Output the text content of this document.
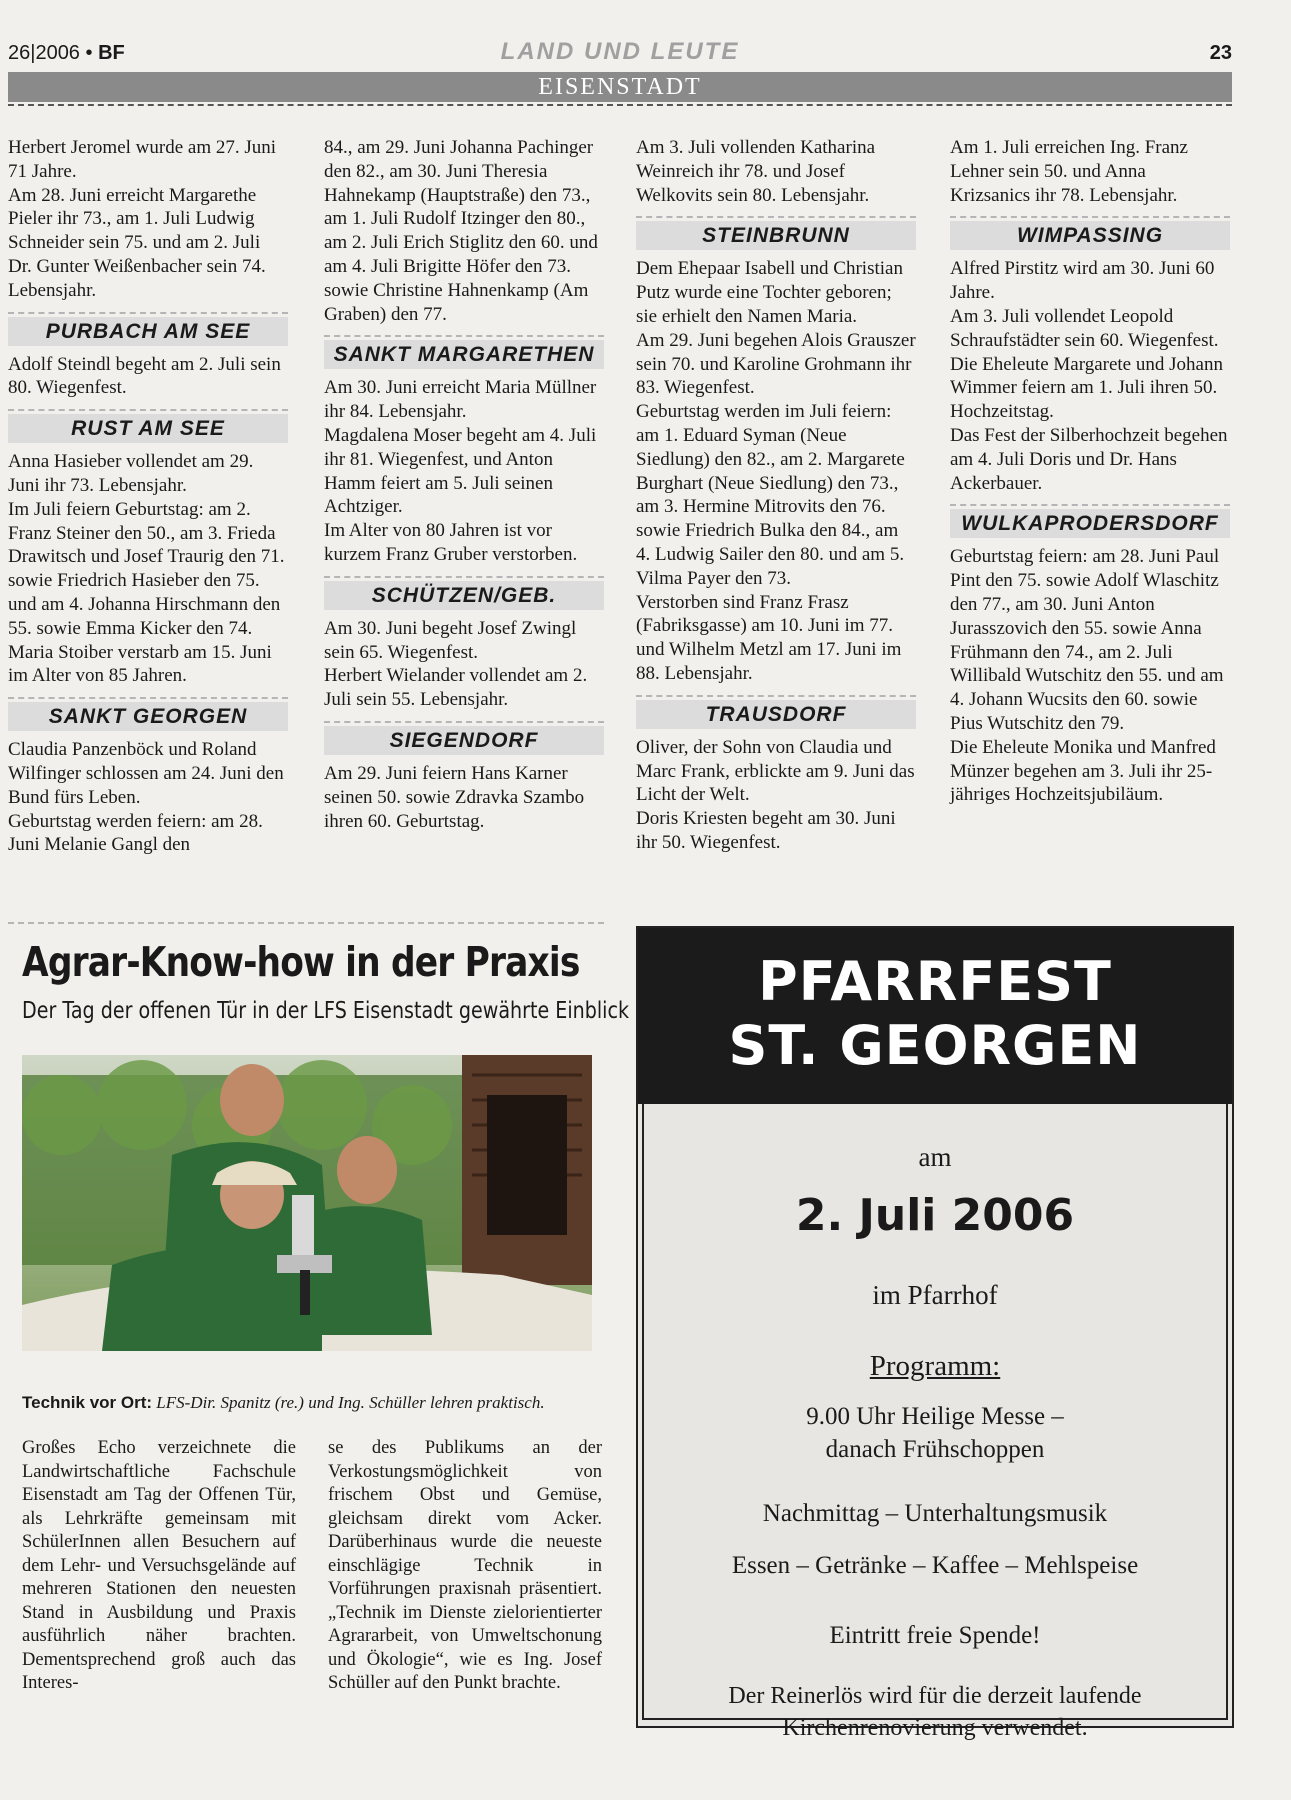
26|2006 • BF	LAND UND LEUTE	23
EISENSTADT

Herbert Jeromel wurde am 27. Juni 71 Jahre.

Am 28. Juni erreicht Margarethe Pieler ihr 73., am 1. Juli Ludwig Schneider sein 75. und am 2. Juli Dr. Gunter Weißenbacher sein 74. Lebensjahr.

PURBACH AM SEE

Adolf Steindl begeht am 2. Juli sein 80. Wiegenfest.

RUST AM SEE

Anna Hasieber vollendet am 29. Juni ihr 73. Lebensjahr.

Im Juli feiern Geburtstag: am 2. Franz Steiner den 50., am 3. Frieda Drawitsch und Josef Traurig den 71. sowie Friedrich Hasieber den 75. und am 4. Johanna Hirschmann den 55. sowie Emma Kicker den 74.

Maria Stoiber verstarb am 15. Juni im Alter von 85 Jahren.

SANKT GEORGEN

Claudia Panzenböck und Roland Wilfinger schlossen am 24. Juni den Bund fürs Leben.

Geburtstag werden feiern: am 28. Juni Melanie Gangl den

84., am 29. Juni Johanna Pachinger den 82., am 30. Juni Theresia Hahnekamp (Hauptstraße) den 73., am 1. Juli Rudolf Itzinger den 80., am 2. Juli Erich Stiglitz den 60. und am 4. Juli Brigitte Höfer den 73. sowie Christine Hahnenkamp (Am Graben) den 77.

SANKT MARGARETHEN

Am 30. Juni erreicht Maria Müllner ihr 84. Lebensjahr.

Magdalena Moser begeht am 4. Juli ihr 81. Wiegenfest, und Anton Hamm feiert am 5. Juli seinen Achtziger.

Im Alter von 80 Jahren ist vor kurzem Franz Gruber verstorben.

SCHÜTZEN/GEB.

Am 30. Juni begeht Josef Zwingl sein 65. Wiegenfest.

Herbert Wielander vollendet am 2. Juli sein 55. Lebensjahr.

SIEGENDORF

Am 29. Juni feiern Hans Karner seinen 50. sowie Zdravka Szambo ihren 60. Geburtstag.

Am 3. Juli vollenden Katharina Weinreich ihr 78. und Josef Welkovits sein 80. Lebensjahr.

STEINBRUNN

Dem Ehepaar Isabell und Christian Putz wurde eine Tochter geboren; sie erhielt den Namen Maria.

Am 29. Juni begehen Alois Grauszer sein 70. und Karoline Grohmann ihr 83. Wiegenfest.

Geburtstag werden im Juli feiern: am 1. Eduard Syman (Neue Siedlung) den 82., am 2. Margarete Burghart (Neue Siedlung) den 73., am 3. Hermine Mitrovits den 76. sowie Friedrich Bulka den 84., am 4. Ludwig Sailer den 80. und am 5. Vilma Payer den 73.

Verstorben sind Franz Frasz (Fabriksgasse) am 10. Juni im 77. und Wilhelm Metzl am 17. Juni im 88. Lebensjahr.

TRAUSDORF

Oliver, der Sohn von Claudia und Marc Frank, erblickte am 9. Juni das Licht der Welt.

Doris Kriesten begeht am 30. Juni ihr 50. Wiegenfest.

Am 1. Juli erreichen Ing. Franz Lehner sein 50. und Anna Krizsanics ihr 78. Lebensjahr.

WIMPASSING

Alfred Pirstitz wird am 30. Juni 60 Jahre.

Am 3. Juli vollendet Leopold Schraufstädter sein 60. Wiegenfest.

Die Eheleute Margarete und Johann Wimmer feiern am 1. Juli ihren 50. Hochzeitstag.

Das Fest der Silberhochzeit begehen am 4. Juli Doris und Dr. Hans Ackerbauer.

WULKAPRODERSDORF

Geburtstag feiern: am 28. Juni Paul Pint den 75. sowie Adolf Wlaschitz den 77., am 30. Juni Anton Jurasszovich den 55. sowie Anna Frühmann den 74., am 2. Juli Willibald Wutschitz den 55. und am 4. Johann Wucsits den 60. sowie Pius Wutschitz den 79.

Die Eheleute Monika und Manfred Münzer begehen am 3. Juli ihr 25-jähriges Hochzeitsjubiläum.

Agrar-Know-how in der Praxis
Der Tag der offenen Tür in der LFS Eisenstadt gewährte Einblick
Technik vor Ort: LFS-Dir. Spanitz (re.) und Ing. Schüller lehren praktisch.

Großes Echo verzeichnete die Landwirtschaftliche Fachschule Eisenstadt am Tag der Offenen Tür, als Lehrkräfte gemeinsam mit SchülerInnen allen Besuchern auf dem Lehr- und Versuchsgelände auf mehreren Stationen den neuesten Stand in Ausbildung und Praxis ausführlich näher brachten. Dementsprechend groß auch das Interes-

se des Publikums an der Verkostungsmöglichkeit von frischem Obst und Gemüse, gleichsam direkt vom Acker. Darüberhinaus wurde die neueste einschlägige Technik in Vorführungen praxisnah präsentiert. „Technik im Dienste zielorientierter Agrararbeit, von Umweltschonung und Ökologie“, wie es Ing. Josef Schüller auf den Punkt brachte.

PFARRFEST
ST. GEORGEN
am
2. Juli 2006
im Pfarrhof
Programm:
9.00 Uhr Heilige Messe –
danach Frühschoppen
Nachmittag – Unterhaltungsmusik
Essen – Getränke – Kaffee – Mehlspeise
Eintritt freie Spende!
Der Reinerlös wird für die derzeit laufende
Kirchenrenovierung verwendet.
